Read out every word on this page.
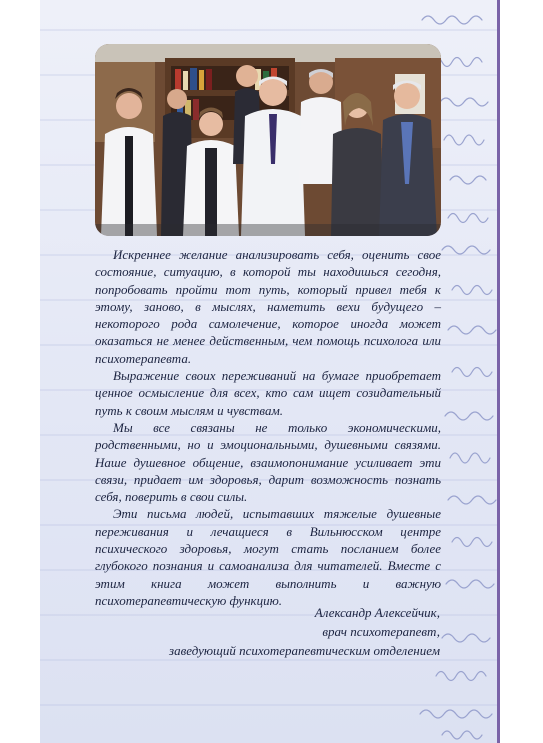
Искреннее желание анализировать себя, оценить свое состояние, ситуацию, в которой ты находишься сегодня, попробовать пройти тот путь, который привел тебя к этому, заново, в мыслях, наметить вехи будущего – некоторого рода самолечение, которое иногда может оказаться не менее действенным, чем помощь психолога или психотерапевта.

Выражение своих переживаний на бумаге приобретает ценное осмысление для всех, кто сам ищет созидательный путь к своим мыслям и чувствам.

Мы все связаны не только экономическими, родственными, но и эмоциональными, душевными связями. Наше душевное общение, взаимопонимание усиливает эти связи, придает им здоровья, дарит возможность познать себя, поверить в свои силы.

Эти письма людей, испытавших тяжелые душевные переживания и лечащиеся в Вильнюсском центре психического здоровья, могут стать посланием более глубокого познания и самоанализа для читателей. Вместе с этим книга может выполнить и важную психотерапевтическую функцию.

Александр Алексейчик,
врач психотерапевт,
заведующий психотерапевтическим отделением
